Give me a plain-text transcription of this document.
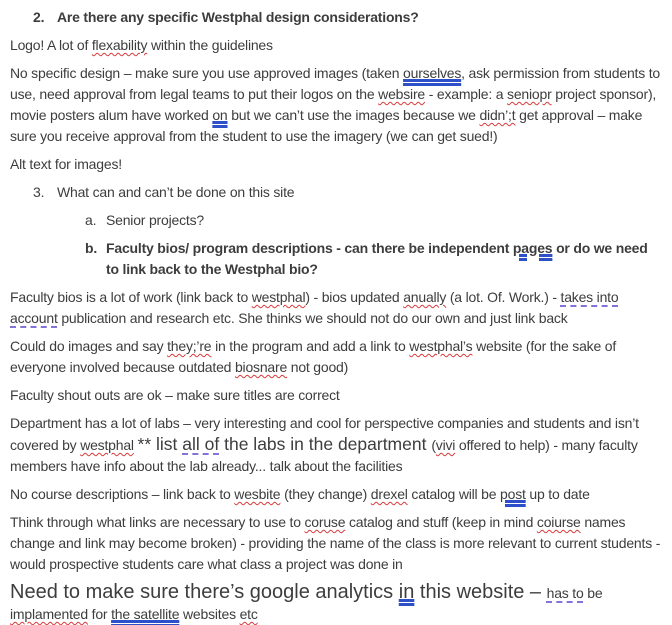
2. Are there any specific Westphal design considerations?
Logo! A lot of flexability within the guidelines
No specific design – make sure you use approved images (taken ourselves, ask permission from students to use, need approval from legal teams to put their logos on the websire - example: a seniopr project sponsor), movie posters alum have worked on but we can’t use the images because we didn’;t get approval – make sure you receive approval from the student to use the imagery (we can get sued!)
Alt text for images!
3. What can and can’t be done on this site
a. Senior projects?
b. Faculty bios/ program descriptions - can there be independent pages or do we need to link back to the Westphal bio?
Faculty bios is a lot of work (link back to westphal) - bios updated anually (a lot. Of. Work.) - takes into account publication and research etc. She thinks we should not do our own and just link back
Could do images and say they;’re in the program and add a link to westphal’s website (for the sake of everyone involved because outdated biosnare not good)
Faculty shout outs are ok – make sure titles are correct
Department has a lot of labs – very interesting and cool for perspective companies and students and isn’t covered by westphal ** list all of the labs in the department (vivi offered to help) - many faculty members have info about the lab already... talk about the facilities
No course descriptions – link back to wesbite (they change) drexel catalog will be post up to date
Think through what links are necessary to use to coruse catalog and stuff (keep in mind coiurse names change and link may become broken) - providing the name of the class is more relevant to current students - would prospective students care what class a project was done in
Need to make sure there’s google analytics in this website – has to be implamented for the satellite websites etc
